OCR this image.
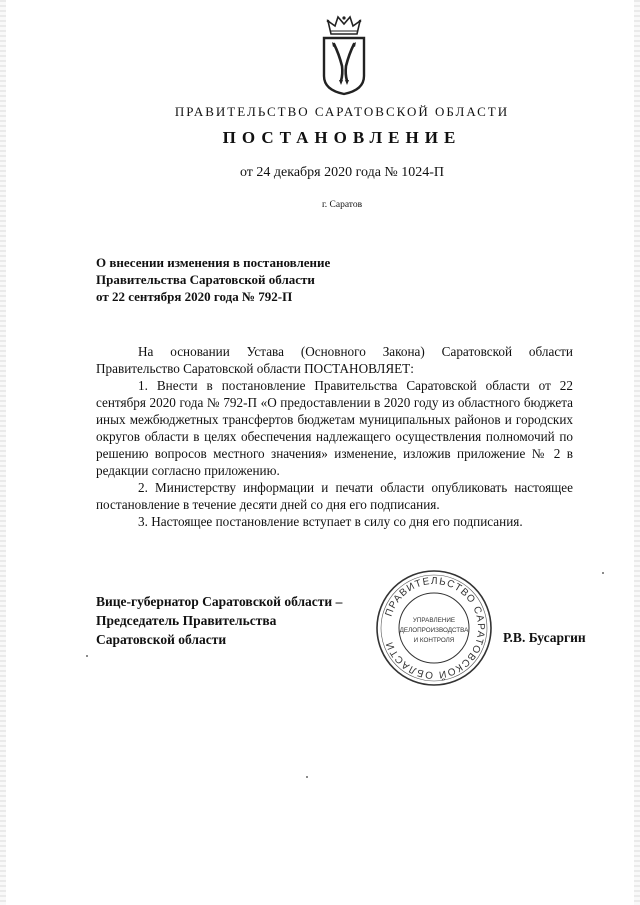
ПРАВИТЕЛЬСТВО САРАТОВСКОЙ ОБЛАСТИ
ПОСТАНОВЛЕНИЕ
от 24 декабря 2020 года № 1024-П
г. Саратов
О внесении изменения в постановление
Правительства Саратовской области
от 22 сентября 2020 года № 792-П

На основании Устава (Основного Закона) Саратовской области Правительство Саратовской области ПОСТАНОВЛЯЕТ:

1. Внести в постановление Правительства Саратовской области от 22 сентября 2020 года № 792-П «О предоставлении в 2020 году из областного бюджета иных межбюджетных трансфертов бюджетам муниципальных районов и городских округов области в целях обеспечения надлежащего осуществления полномочий по решению вопросов местного значения» изменение, изложив приложение № 2 в редакции согласно приложению.

2. Министерству информации и печати области опубликовать настоящее постановление в течение десяти дней со дня его подписания.

3. Настоящее постановление вступает в силу со дня его подписания.

Вице-губернатор Саратовской области –
Председатель Правительства
Саратовской области
ПРАВИТЕЛЬСТВО САРАТОВСКОЙ ОБЛАСТИ
УПРАВЛЕНИЕ
ДЕЛОПРОИЗВОДСТВА
И КОНТРОЛЯ	Р.В. Бусаргин
